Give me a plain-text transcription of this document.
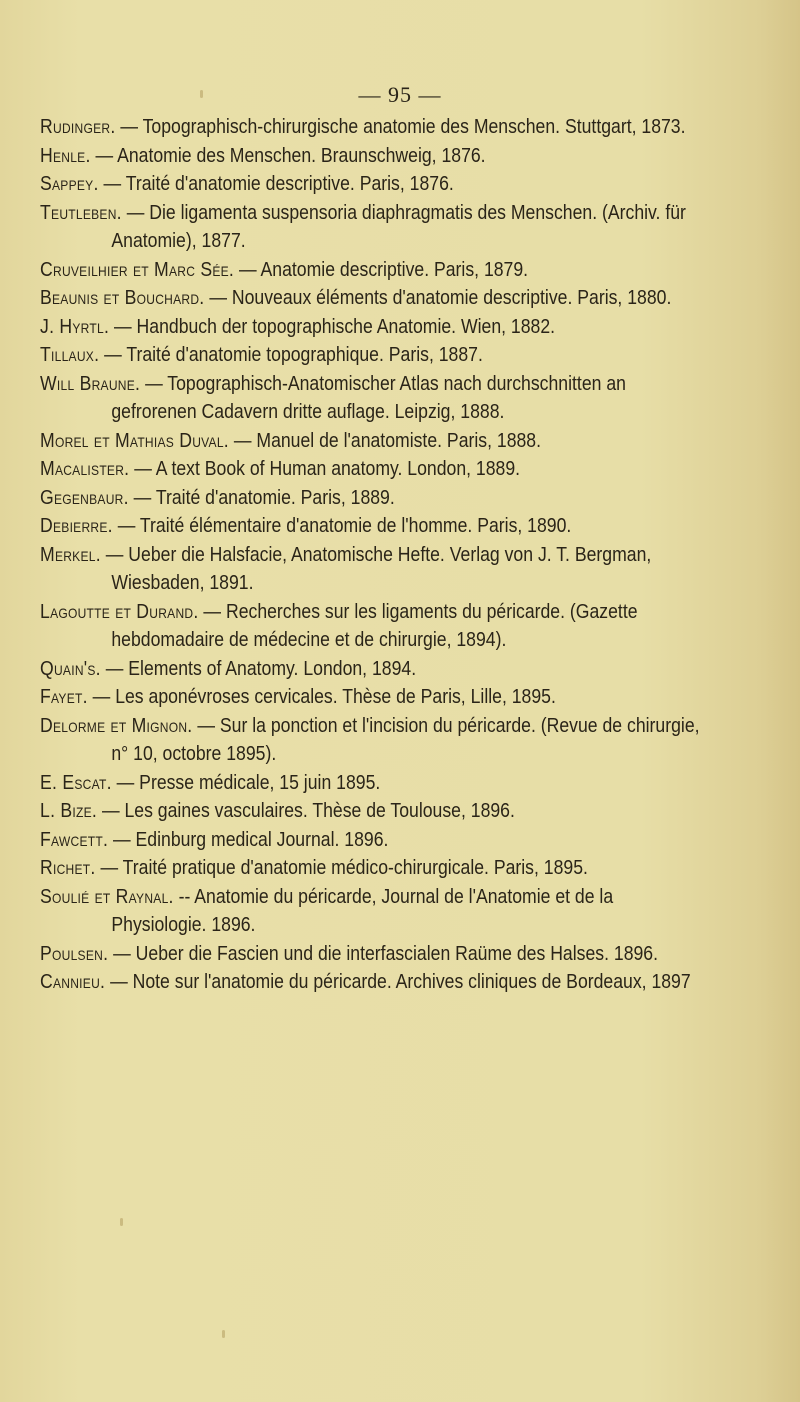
— 95 —

Rudinger. — Topographisch-chirurgische anatomie des Menschen. Stuttgart, 1873.

Henle. — Anatomie des Menschen. Braunschweig, 1876.

Sappey. — Traité d'anatomie descriptive. Paris, 1876.

Teutleben. — Die ligamenta suspensoria diaphragmatis des Menschen. (Archiv. für Anatomie), 1877.

Cruveilhier et Marc Sée. — Anatomie descriptive. Paris, 1879.

Beaunis et Bouchard. — Nouveaux éléments d'anatomie descriptive. Paris, 1880.

J. Hyrtl. — Handbuch der topographische Anatomie. Wien, 1882.

Tillaux. — Traité d'anatomie topographique. Paris, 1887.

Will Braune. — Topographisch-Anatomischer Atlas nach durchschnitten an gefrorenen Cadavern dritte auflage. Leipzig, 1888.

Morel et Mathias Duval. — Manuel de l'anatomiste. Paris, 1888.

Macalister. — A text Book of Human anatomy. London, 1889.

Gegenbaur. — Traité d'anatomie. Paris, 1889.

Debierre. — Traité élémentaire d'anatomie de l'homme. Paris, 1890.

Merkel. — Ueber die Halsfacie, Anatomische Hefte. Verlag von J. T. Bergman, Wiesbaden, 1891.

Lagoutte et Durand. — Recherches sur les ligaments du péricarde. (Gazette hebdomadaire de médecine et de chirurgie, 1894).

Quain's. — Elements of Anatomy. London, 1894.

Fayet. — Les aponévroses cervicales. Thèse de Paris, Lille, 1895.

Delorme et Mignon. — Sur la ponction et l'incision du péricarde. (Revue de chirurgie, n° 10, octobre 1895).

E. Escat. — Presse médicale, 15 juin 1895.

L. Bize. — Les gaines vasculaires. Thèse de Toulouse, 1896.

Fawcett. — Edinburg medical Journal. 1896.

Richet. — Traité pratique d'anatomie médico-chirurgicale. Paris, 1895.

Soulié et Raynal. -- Anatomie du péricarde, Journal de l'Anatomie et de la Physiologie. 1896.

Poulsen. — Ueber die Fascien und die interfascialen Raüme des Halses. 1896.

Cannieu. — Note sur l'anatomie du péricarde. Archives cliniques de Bordeaux, 1897
